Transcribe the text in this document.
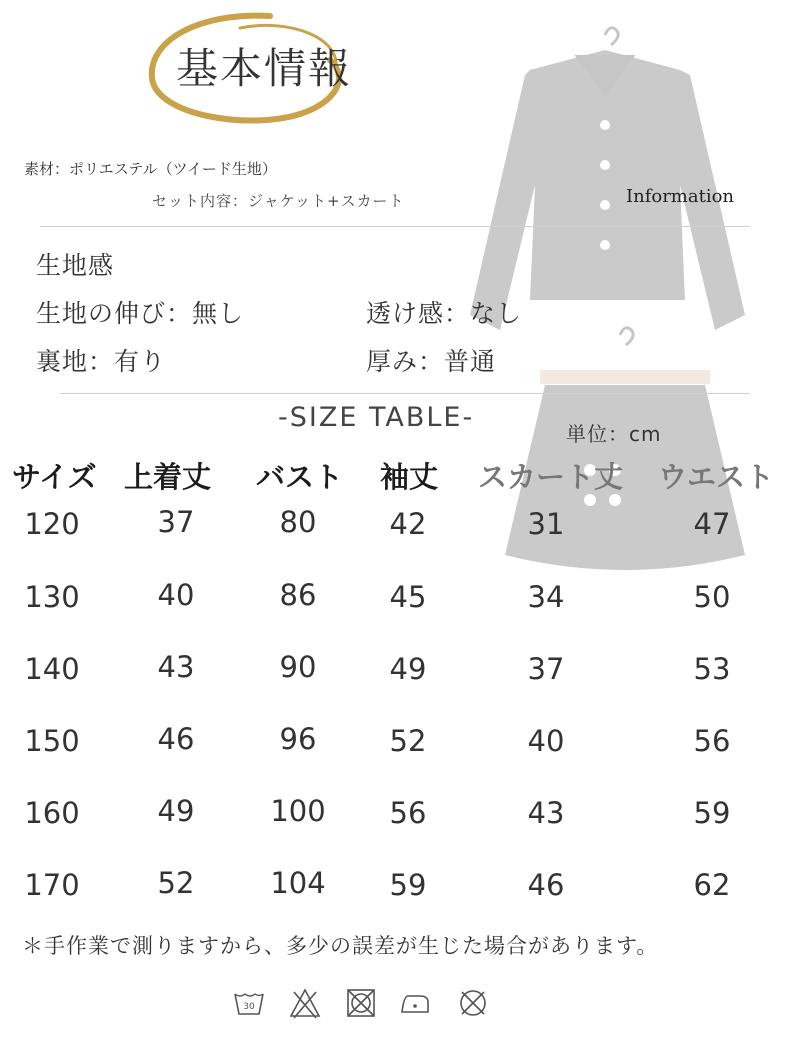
基本情報
素材：ポリエステル（ツイード生地）
セット内容：ジャケット+スカート	Information
生地感
生地の伸び：無し	透け感：なし
裏地：有り	厚み：普通
-SIZE TABLE-
単位：cm
サイズ 上着丈 バスト 袖丈 スカート丈 ウエスト
120	37	80	42	31	47
130	40	86	45	34	50
140	43	90	49	37	53
150	46	96	52	40	56
160	49	100	56	43	59
170	52	104	59	46	62
＊手作業で測りますから、多少の誤差が生じた場合があります。
30
